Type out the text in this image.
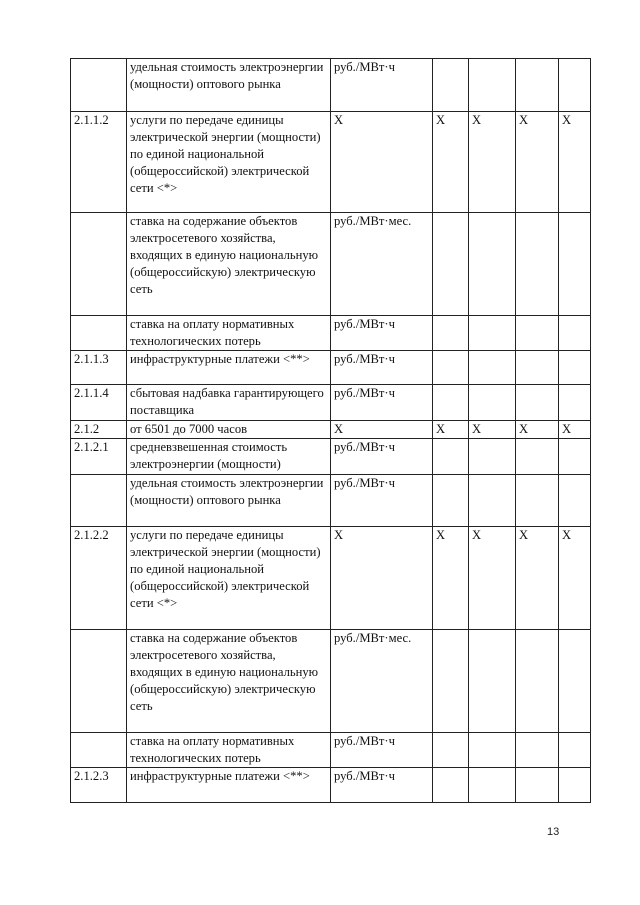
	удельная стоимость электроэнергии (мощности) оптового рынка	руб./МВт·ч				
2.1.1.2	услуги по передаче единицы электрической энергии (мощности) по единой национальной (общероссийской) электрической сети <*>	X	X	X	X	X
	ставка на содержание объектов электросетевого хозяйства, входящих в единую национальную (общероссийскую) электрическую сеть	руб./МВт·мес.				
	ставка на оплату нормативных технологических потерь	руб./МВт·ч				
2.1.1.3	инфраструктурные платежи <**>	руб./МВт·ч				
2.1.1.4	сбытовая надбавка гарантирующего поставщика	руб./МВт·ч				
2.1.2	от 6501 до 7000 часов	X	X	X	X	X
2.1.2.1	средневзвешенная стоимость электроэнергии (мощности)	руб./МВт·ч				
	удельная стоимость электроэнергии (мощности) оптового рынка	руб./МВт·ч				
2.1.2.2	услуги по передаче единицы электрической энергии (мощности) по единой национальной (общероссийской) электрической сети <*>	X	X	X	X	X
	ставка на содержание объектов электросетевого хозяйства, входящих в единую национальную (общероссийскую) электрическую сеть	руб./МВт·мес.				
	ставка на оплату нормативных технологических потерь	руб./МВт·ч				
2.1.2.3	инфраструктурные платежи <**>	руб./МВт·ч				
13
